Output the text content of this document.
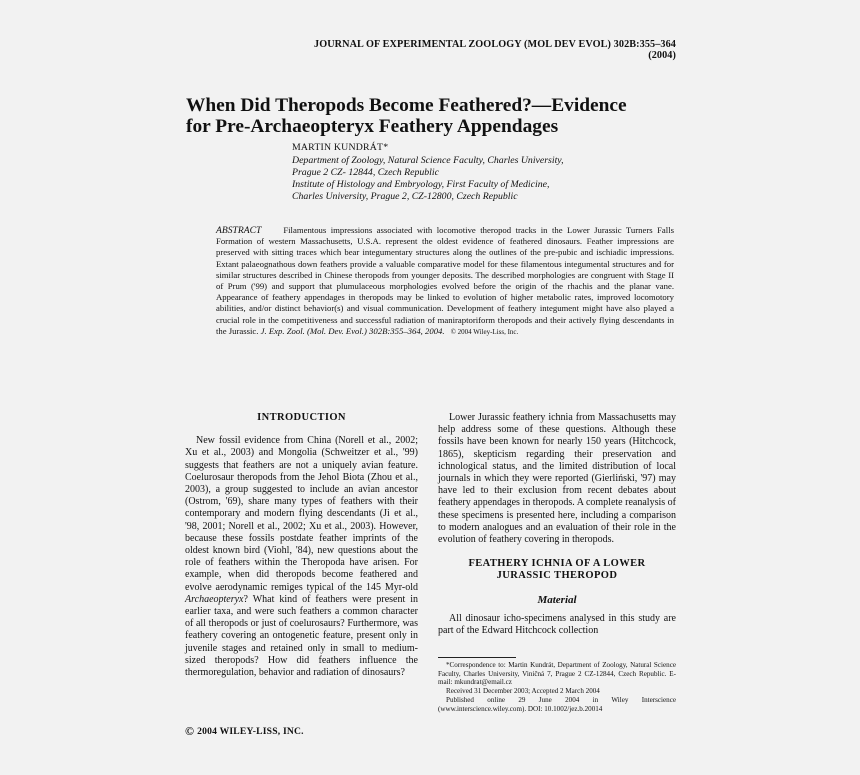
JOURNAL OF EXPERIMENTAL ZOOLOGY (MOL DEV EVOL) 302B:355–364 (2004)
When Did Theropods Become Feathered?—Evidence
for Pre-Archaeopteryx Feathery Appendages
MARTIN KUNDRÁT*
Department of Zoology, Natural Science Faculty, Charles University,
Prague 2 CZ- 12844, Czech Republic
Institute of Histology and Embryology, First Faculty of Medicine,
Charles University, Prague 2, CZ-12800, Czech Republic
ABSTRACT	Filamentous impressions associated with locomotive theropod tracks in the Lower Jurassic Turners Falls Formation of western Massachusetts, U.S.A. represent the oldest evidence of feathered dinosaurs. Feather impressions are preserved with sitting traces which bear integumentary structures along the outlines of the pre-pubic and ischiadic impressions. Extant palaeognathous down feathers provide a valuable comparative model for these filamentous integumental structures and for similar structures described in Chinese theropods from younger deposits. The described morphologies are congruent with Stage II of Prum ('99) and support that plumulaceous morphologies evolved before the origin of the rhachis and the planar vane. Appearance of feathery appendages in theropods may be linked to evolution of higher metabolic rates, improved locomotory abilities, and/or distinct behavior(s) and visual communication. Development of feathery integument might have also played a crucial role in the competitiveness and successful radiation of maniraptoriform theropods and their actively flying descendants in the Jurassic. J. Exp. Zool. (Mol. Dev. Evol.) 302B:355–364, 2004. © 2004 Wiley-Liss, Inc.
INTRODUCTION

New fossil evidence from China (Norell et al., 2002; Xu et al., 2003) and Mongolia (Schweitzer et al., '99) suggests that feathers are not a uniquely avian feature. Coelurosaur theropods from the Jehol Biota (Zhou et al., 2003), a group suggested to include an avian ancestor (Ostrom, '69), share many types of feathers with their contemporary and modern flying descendants (Ji et al., '98, 2001; Norell et al., 2002; Xu et al., 2003). However, because these fossils postdate feather imprints of the oldest known bird (Viohl, '84), new questions about the role of feathers within the Theropoda have arisen. For example, when did theropods become feathered and evolve aerodynamic remiges typical of the 145 Myr-old Archaeopteryx? What kind of feathers were present in earlier taxa, and were such feathers a common character of all theropods or just of coelurosaurs? Furthermore, was feathery covering an ontogenetic feature, present only in juvenile stages and retained only in small to medium-sized theropods? How did feathers influence the thermoregulation, behavior and radiation of dinosaurs?

Lower Jurassic feathery ichnia from Massachusetts may help address some of these questions. Although these fossils have been known for nearly 150 years (Hitchcock, 1865), skepticism regarding their preservation and ichnological status, and the limited distribution of local journals in which they were reported (Gierliński, '97) may have led to their exclusion from recent debates about feathery appendages in theropods. A complete reanalysis of these specimens is presented here, including a comparison to modern analogues and an evaluation of their role in the evolution of feathery covering in theropods.

FEATHERY ICHNIA OF A LOWER
JURASSIC THEROPOD
Material

All dinosaur icho-specimens analysed in this study are part of the Edward Hitchcock collection

*Correspondence to: Martin Kundrát, Department of Zoology, Natural Science Faculty, Charles University, Viničná 7, Prague 2 CZ-12844, Czech Republic. E-mail: mkundrat@email.cz

Received 31 December 2003; Accepted 2 March 2004

Published online 29 June 2004 in Wiley Interscience (www.interscience.wiley.com). DOI: 10.1002/jez.b.20014

© 2004 WILEY-LISS, INC.
